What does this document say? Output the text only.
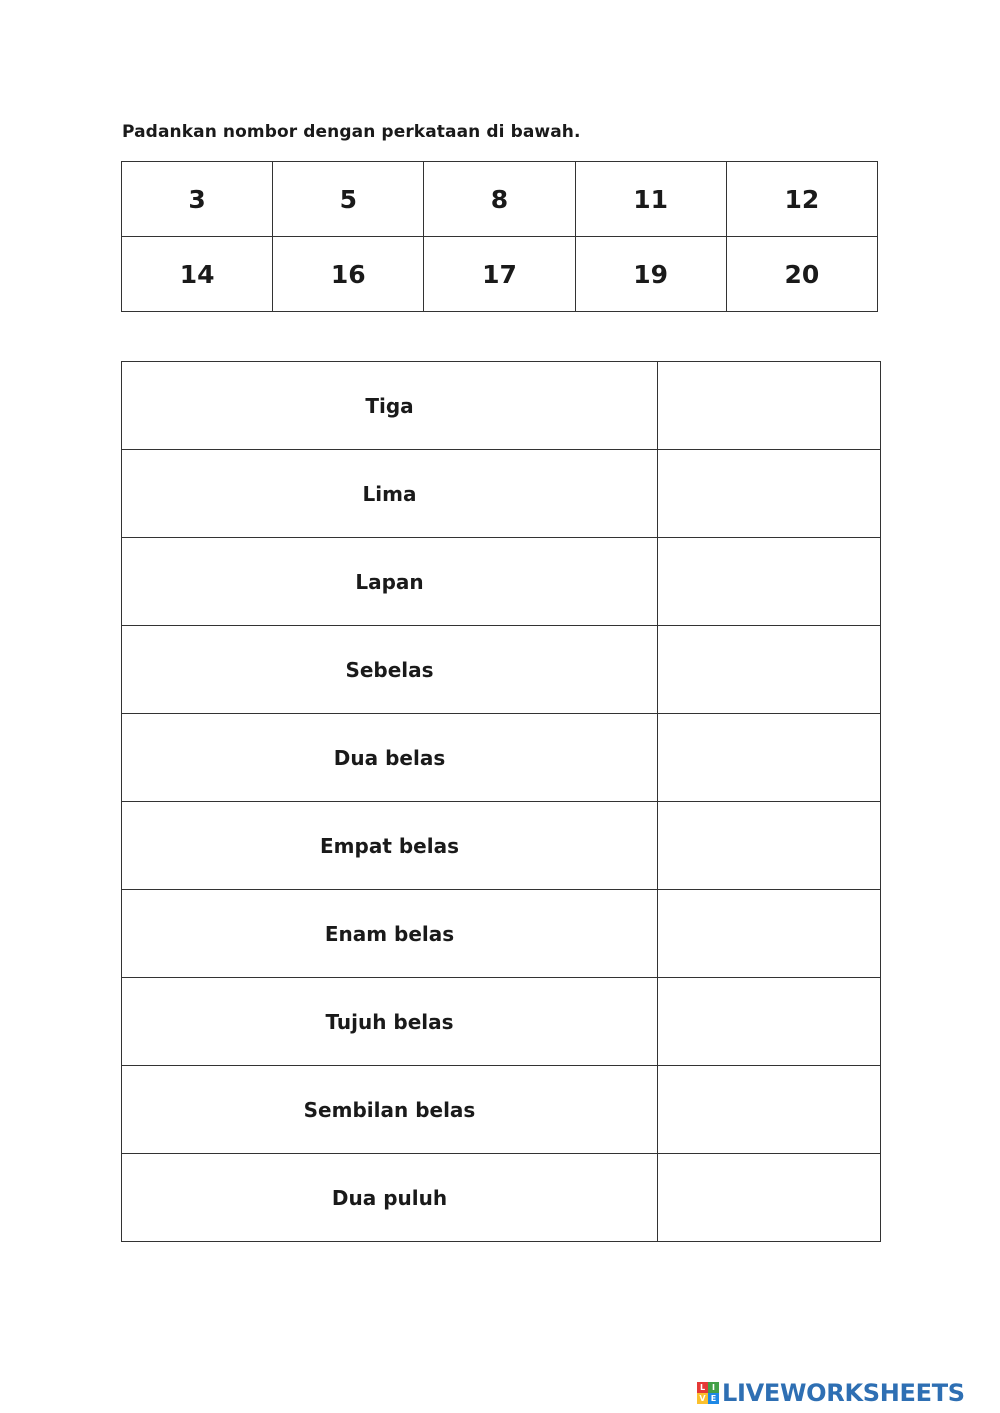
Padankan nombor dengan perkataan di bawah.
3	5	8	11	12
14	16	17	19	20
Tiga	
Lima	
Lapan	
Sebelas	
Dua belas	
Empat belas	
Enam belas	
Tujuh belas	
Sembilan belas	
Dua puluh	
L I
V E LIVEWORKSHEETS
